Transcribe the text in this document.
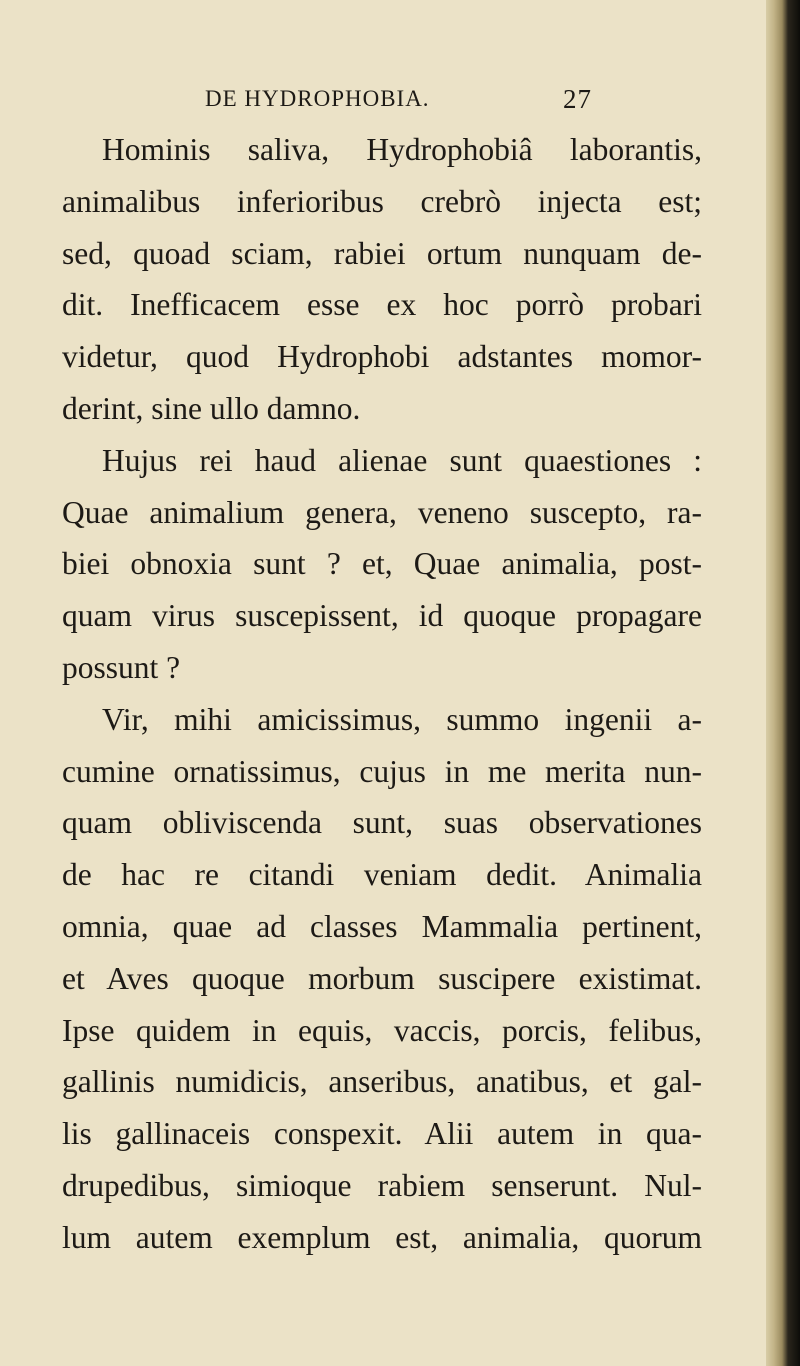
DE HYDROPHOBIA.	27
Hominis saliva, Hydrophobiâ laborantis,
animalibus inferioribus crebrò injecta est;
sed, quoad sciam, rabiei ortum nunquam de-
dit. Inefficacem esse ex hoc porrò probari
videtur, quod Hydrophobi adstantes momor-
derint, sine ullo damno.
Hujus rei haud alienae sunt quaestiones :
Quae animalium genera, veneno suscepto, ra-
biei obnoxia sunt ? et, Quae animalia, post-
quam virus suscepissent, id quoque propagare
possunt ?
Vir, mihi amicissimus, summo ingenii a-
cumine ornatissimus, cujus in me merita nun-
quam obliviscenda sunt, suas observationes
de hac re citandi veniam dedit. Animalia
omnia, quae ad classes Mammalia pertinent,
et Aves quoque morbum suscipere existimat.
Ipse quidem in equis, vaccis, porcis, felibus,
gallinis numidicis, anseribus, anatibus, et gal-
lis gallinaceis conspexit. Alii autem in qua-
drupedibus, simioque rabiem senserunt. Nul-
lum autem exemplum est, animalia, quorum
